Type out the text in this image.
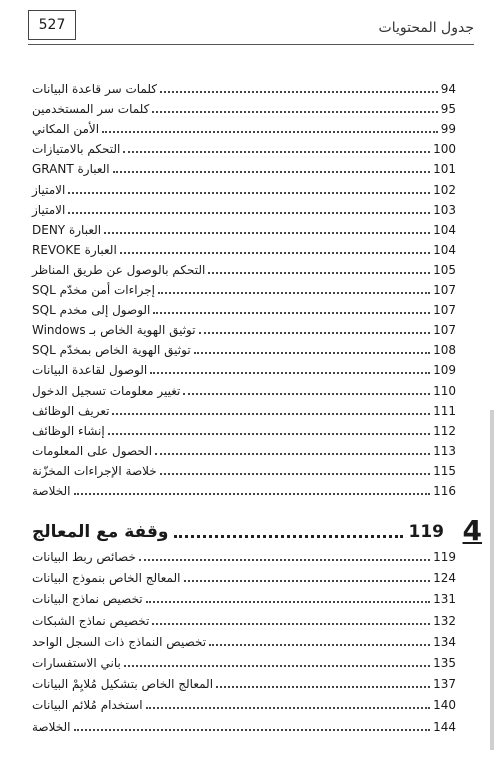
527	جدول المحتويات
كلمات سر قاعدة البيانات	94
كلمات سر المستخدمين	95
الأمن المكاني	99
التحكم بالامتيازات	100
العبارة GRANT	101
الامتياز	102
الامتياز	103
العبارة DENY	104
العبارة REVOKE	104
التحكم بالوصول عن طريق المناظر	105
إجراءات أمن مخدّم SQL	107
الوصول إلى مخدم SQL	107
توثيق الهوية الخاص بـ Windows	107
توثيق الهوية الخاص بمخدّم SQL	108
الوصول لقاعدة البيانات	109
تغيير معلومات تسجيل الدخول	110
تعريف الوظائف	111
إنشاء الوظائف	112
الحصول على المعلومات	113
خلاصة الإجراءات المخزّنة	115
الخلاصة	116
4
وقفة مع المعالج	119
خصائص ربط البيانات	119
المعالج الخاص بنموذج البيانات	124
تخصيص نماذج البيانات	131
تخصيص نماذج الشبكات	132
تخصيص النماذج ذات السجل الواحد	134
باني الاستفسارات	135
المعالج الخاص بتشكيل مُلايِمْ البيانات	137
استخدام مُلائم البيانات	140
الخلاصة	144
